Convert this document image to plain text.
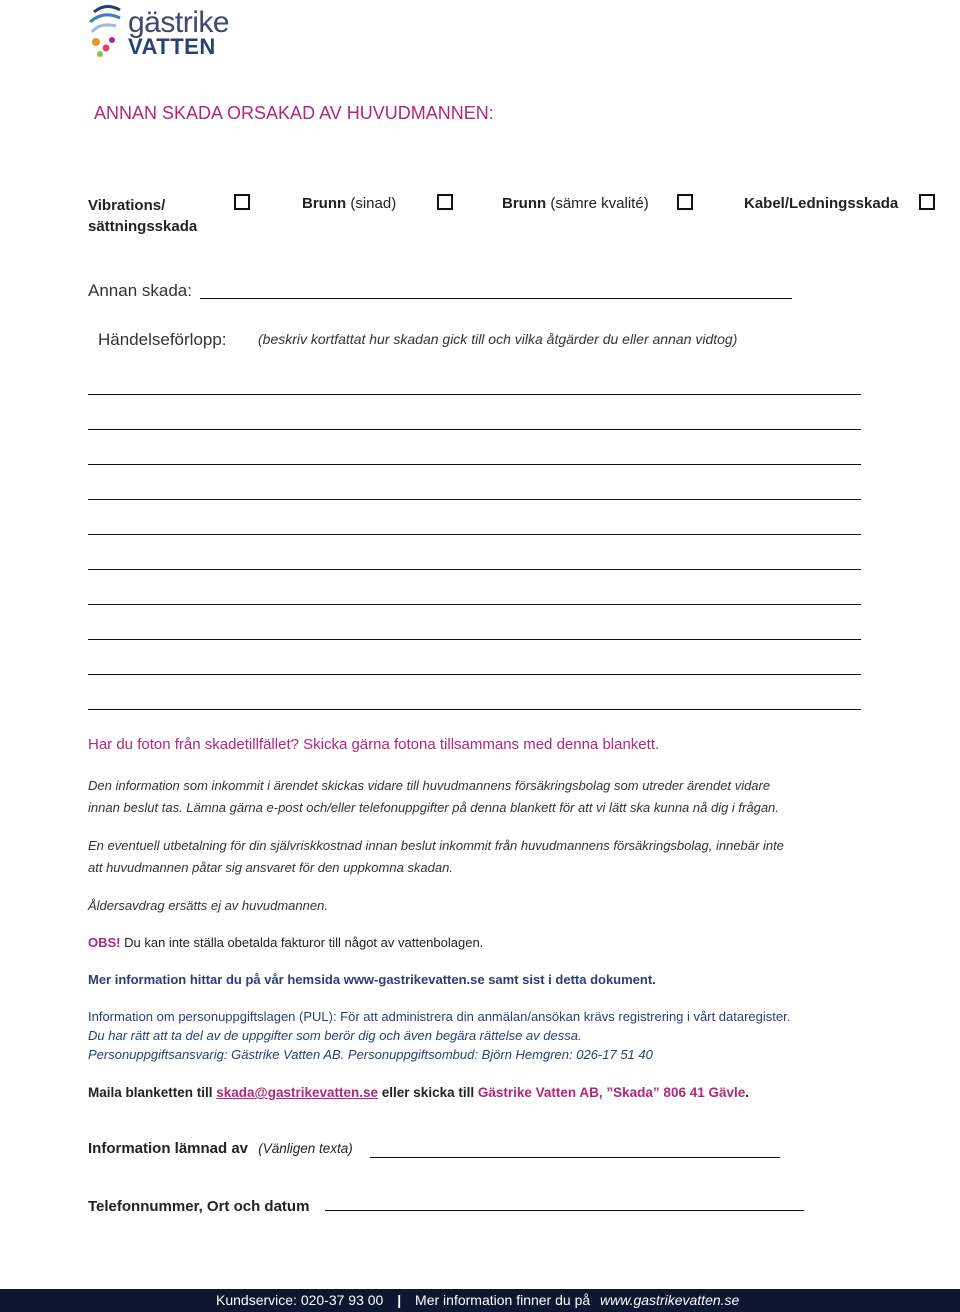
gästrike
VATTEN
ANNAN SKADA ORSAKAD AV HUVUDMANNEN:
Vibrations/
sättningsskada
Brunn (sinad)	Brunn (sämre kvalité)	Kabel/Ledningsskada
Annan skada:
Händelseförlopp: (beskriv kortfattat hur skadan gick till och vilka åtgärder du eller annan vidtog)
Har du foton från skadetillfället? Skicka gärna fotona tillsammans med denna blankett.
Den information som inkommit i ärendet skickas vidare till huvudmannens försäkringsbolag som utreder ärendet vidare
innan beslut tas. Lämna gärna e-post och/eller telefonuppgifter på denna blankett för att vi lätt ska kunna nå dig i frågan.
En eventuell utbetalning för din självriskkostnad innan beslut inkommit från huvudmannens försäkringsbolag, innebär inte
att huvudmannen påtar sig ansvaret för den uppkomna skadan.
Åldersavdrag ersätts ej av huvudmannen.
OBS! Du kan inte ställa obetalda fakturor till något av vattenbolagen.
Mer information hittar du på vår hemsida www-gastrikevatten.se samt sist i detta dokument.
Information om personuppgiftslagen (PUL): För att administrera din anmälan/ansökan krävs registrering i vårt dataregister.
Du har rätt att ta del av de uppgifter som berör dig och även begära rättelse av dessa.
Personuppgiftsansvarig: Gästrike Vatten AB. Personuppgiftsombud: Björn Hemgren: 026-17 51 40
Maila blanketten till skada@gastrikevatten.se eller skicka till Gästrike Vatten AB, ”Skada” 806 41 Gävle.
Information lämnad av (Vänligen texta)
Telefonnummer, Ort och datum
Kundservice: 020-37 93 00 | Mer information finner du på www.gastrikevatten.se
